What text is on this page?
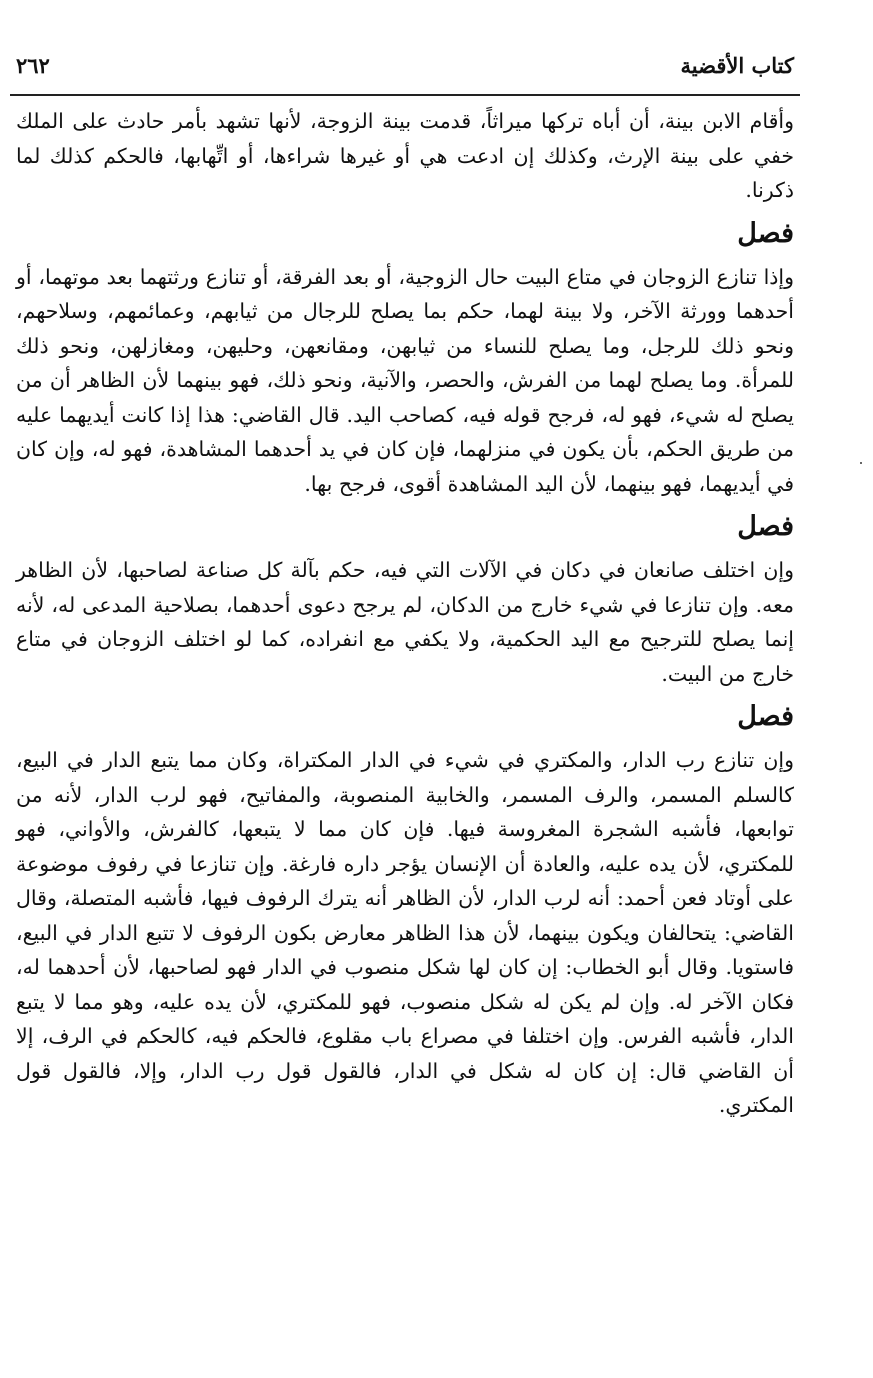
كتاب الأقضية
٢٦٢

وأقام الابن بينة، أن أباه تركها ميراثاً، قدمت بينة الزوجة، لأنها تشهد بأمر حادث على الملك خفي على بينة الإرث، وكذلك إن ادعت هي أو غيرها شراءها، أو اتِّهابها، فالحكم كذلك لما ذكرنا.

فصل

وإذا تنازع الزوجان في متاع البيت حال الزوجية، أو بعد الفرقة، أو تنازع ورثتهما بعد موتهما، أو أحدهما وورثة الآخر، ولا بينة لهما، حكم بما يصلح للرجال من ثيابهم، وعمائمهم، وسلاحهم، ونحو ذلك للرجل، وما يصلح للنساء من ثيابهن، ومقانعهن، وحليهن، ومغازلهن، ونحو ذلك للمرأة. وما يصلح لهما من الفرش، والحصر، والآنية، ونحو ذلك، فهو بينهما لأن الظاهر أن من يصلح له شيء، فهو له، فرجح قوله فيه، كصاحب اليد. قال القاضي: هذا إذا كانت أيديهما عليه من طريق الحكم، بأن يكون في منزلهما، فإن كان في يد أحدهما المشاهدة، فهو له، وإن كان في أيديهما، فهو بينهما، لأن اليد المشاهدة أقوى، فرجح بها.

فصل

وإن اختلف صانعان في دكان في الآلات التي فيه، حكم بآلة كل صناعة لصاحبها، لأن الظاهر معه. وإن تنازعا في شيء خارج من الدكان، لم يرجح دعوى أحدهما، بصلاحية المدعى له، لأنه إنما يصلح للترجيح مع اليد الحكمية، ولا يكفي مع انفراده، كما لو اختلف الزوجان في متاع خارج من البيت.

فصل

وإن تنازع رب الدار، والمكتري في شيء في الدار المكتراة، وكان مما يتبع الدار في البيع، كالسلم المسمر، والرف المسمر، والخابية المنصوبة، والمفاتيح، فهو لرب الدار، لأنه من توابعها، فأشبه الشجرة المغروسة فيها. فإن كان مما لا يتبعها، كالفرش، والأواني، فهو للمكتري، لأن يده عليه، والعادة أن الإنسان يؤجر داره فارغة. وإن تنازعا في رفوف موضوعة على أوتاد فعن أحمد: أنه لرب الدار، لأن الظاهر أنه يترك الرفوف فيها، فأشبه المتصلة، وقال القاضي: يتحالفان ويكون بينهما، لأن هذا الظاهر معارض بكون الرفوف لا تتبع الدار في البيع، فاستويا. وقال أبو الخطاب: إن كان لها شكل منصوب في الدار فهو لصاحبها، لأن أحدهما له، فكان الآخر له. وإن لم يكن له شكل منصوب، فهو للمكتري، لأن يده عليه، وهو مما لا يتبع الدار، فأشبه الفرس. وإن اختلفا في مصراع باب مقلوع، فالحكم فيه، كالحكم في الرف، إلا أن القاضي قال: إن كان له شكل في الدار، فالقول قول رب الدار، وإلا، فالقول قول المكتري.
